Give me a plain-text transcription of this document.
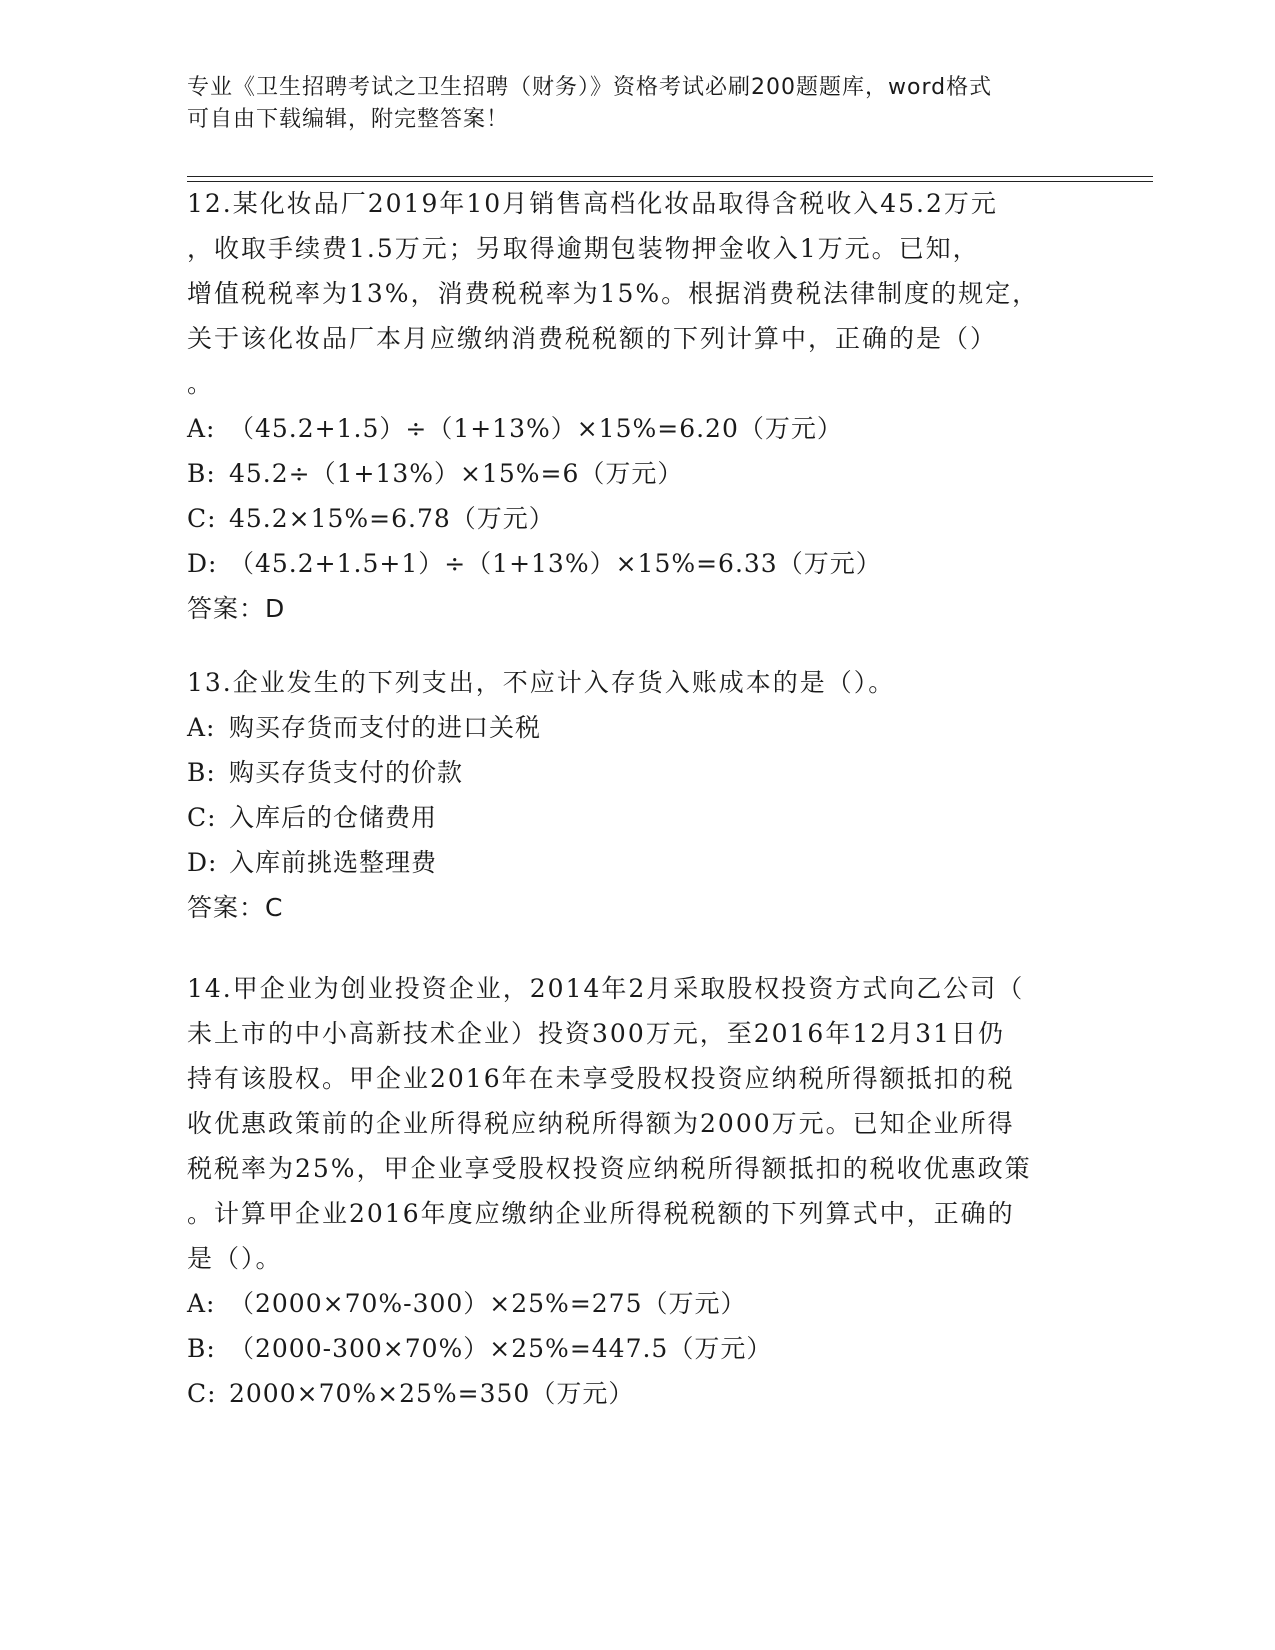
专业《卫生招聘考试之卫生招聘（财务）》资格考试必刷200题题库，word格式
可自由下载编辑，附完整答案！
12.某化妆品厂2019年10月销售高档化妆品取得含税收入45.2万元
，收取手续费1.5万元；另取得逾期包装物押金收入1万元。已知，
增值税税率为13%，消费税税率为15%。根据消费税法律制度的规定，
关于该化妆品厂本月应缴纳消费税税额的下列计算中，正确的是（）
。
A: （45.2+1.5）÷（1+13%）×15%=6.20（万元）
B: 45.2÷（1+13%）×15%=6（万元）
C: 45.2×15%=6.78（万元）
D: （45.2+1.5+1）÷（1+13%）×15%=6.33（万元）
答案：D
13.企业发生的下列支出，不应计入存货入账成本的是（）。
A: 购买存货而支付的进口关税
B: 购买存货支付的价款
C: 入库后的仓储费用
D: 入库前挑选整理费
答案：C
14.甲企业为创业投资企业，2014年2月采取股权投资方式向乙公司（
未上市的中小高新技术企业）投资300万元，至2016年12月31日仍
持有该股权。甲企业2016年在未享受股权投资应纳税所得额抵扣的税
收优惠政策前的企业所得税应纳税所得额为2000万元。已知企业所得
税税率为25%，甲企业享受股权投资应纳税所得额抵扣的税收优惠政策
。计算甲企业2016年度应缴纳企业所得税税额的下列算式中，正确的
是（）。
A: （2000×70%-300）×25%=275（万元）
B: （2000-300×70%）×25%=447.5（万元）
C: 2000×70%×25%=350（万元）
